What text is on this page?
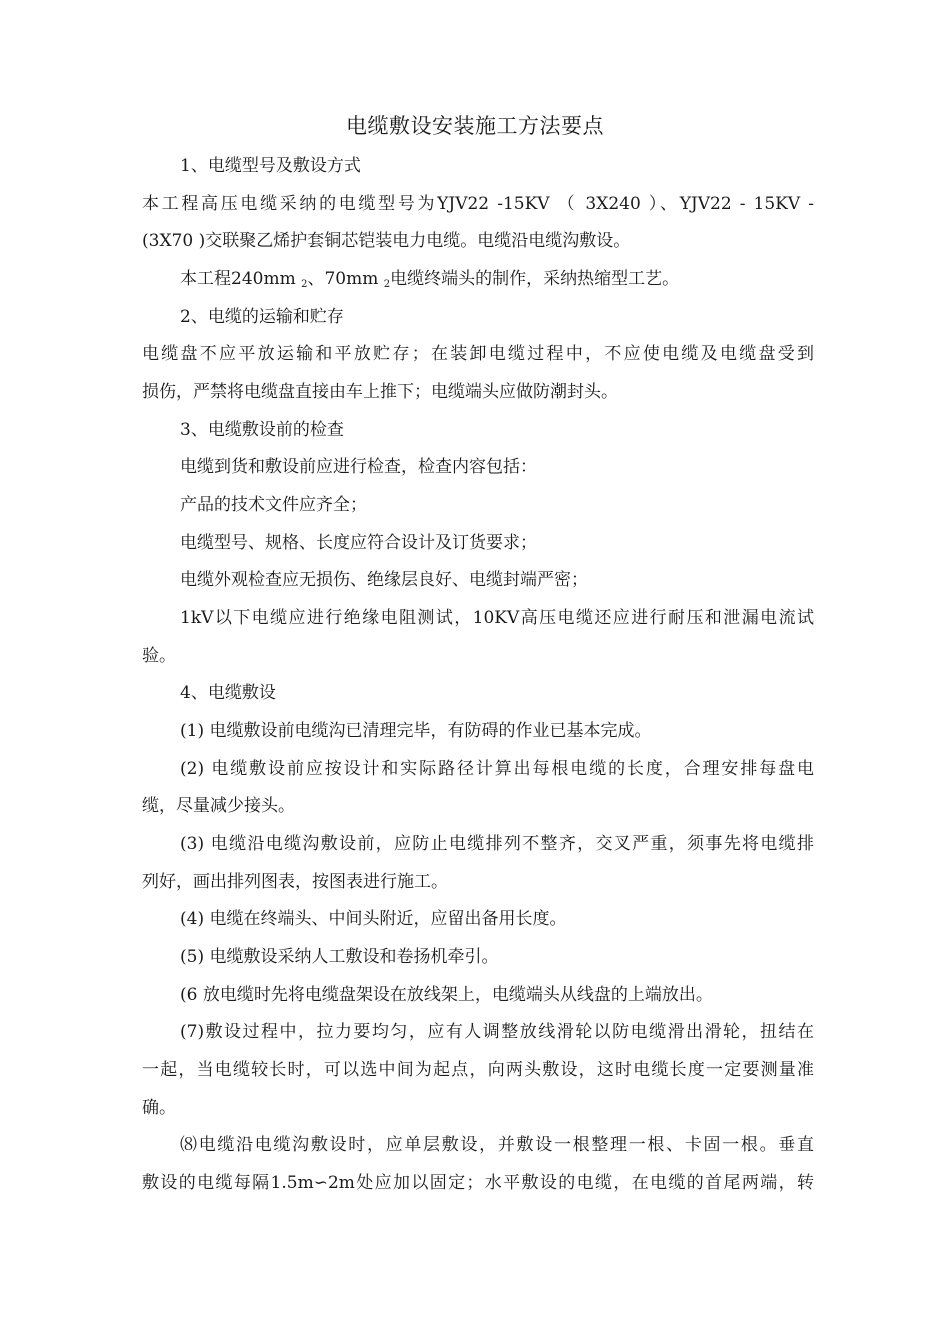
电缆敷设安装施工方法要点
1、电缆型号及敷设方式
本工程高压电缆采纳的电缆型号为YJV22 -15KV （ 3X240 ）、YJV22 - 15KV -
(3X70 )交联聚乙烯护套铜芯铠装电力电缆。电缆沿电缆沟敷设。
本工程240mm 2、70mm 2电缆终端头的制作，采纳热缩型工艺。
2、电缆的运输和贮存
电缆盘不应平放运输和平放贮存；在装卸电缆过程中，不应使电缆及电缆盘受到
损伤，严禁将电缆盘直接由车上推下；电缆端头应做防潮封头。
3、电缆敷设前的检查
电缆到货和敷设前应进行检查，检查内容包括：
产品的技术文件应齐全；
电缆型号、规格、长度应符合设计及订货要求；
电缆外观检查应无损伤、绝缘层良好、电缆封端严密；
1kV以下电缆应进行绝缘电阻测试，10KV高压电缆还应进行耐压和泄漏电流试
验。
4、电缆敷设
(1) 电缆敷设前电缆沟已清理完毕，有防碍的作业已基本完成。
(2) 电缆敷设前应按设计和实际路径计算出每根电缆的长度，合理安排每盘电
缆，尽量减少接头。
(3) 电缆沿电缆沟敷设前，应防止电缆排列不整齐，交叉严重，须事先将电缆排
列好，画出排列图表，按图表进行施工。
(4) 电缆在终端头、中间头附近，应留出备用长度。
(5) 电缆敷设采纳人工敷设和卷扬机牵引。
(6 放电缆时先将电缆盘架设在放线架上，电缆端头从线盘的上端放出。
(7)敷设过程中，拉力要均匀，应有人调整放线滑轮以防电缆滑出滑轮，扭结在
一起，当电缆较长时，可以选中间为起点，向两头敷设，这时电缆长度一定要测量准
确。
⑻电缆沿电缆沟敷设时，应单层敷设，并敷设一根整理一根、卡固一根。垂直
敷设的电缆每隔1.5m∽2m处应加以固定；水平敷设的电缆，在电缆的首尾两端，转
